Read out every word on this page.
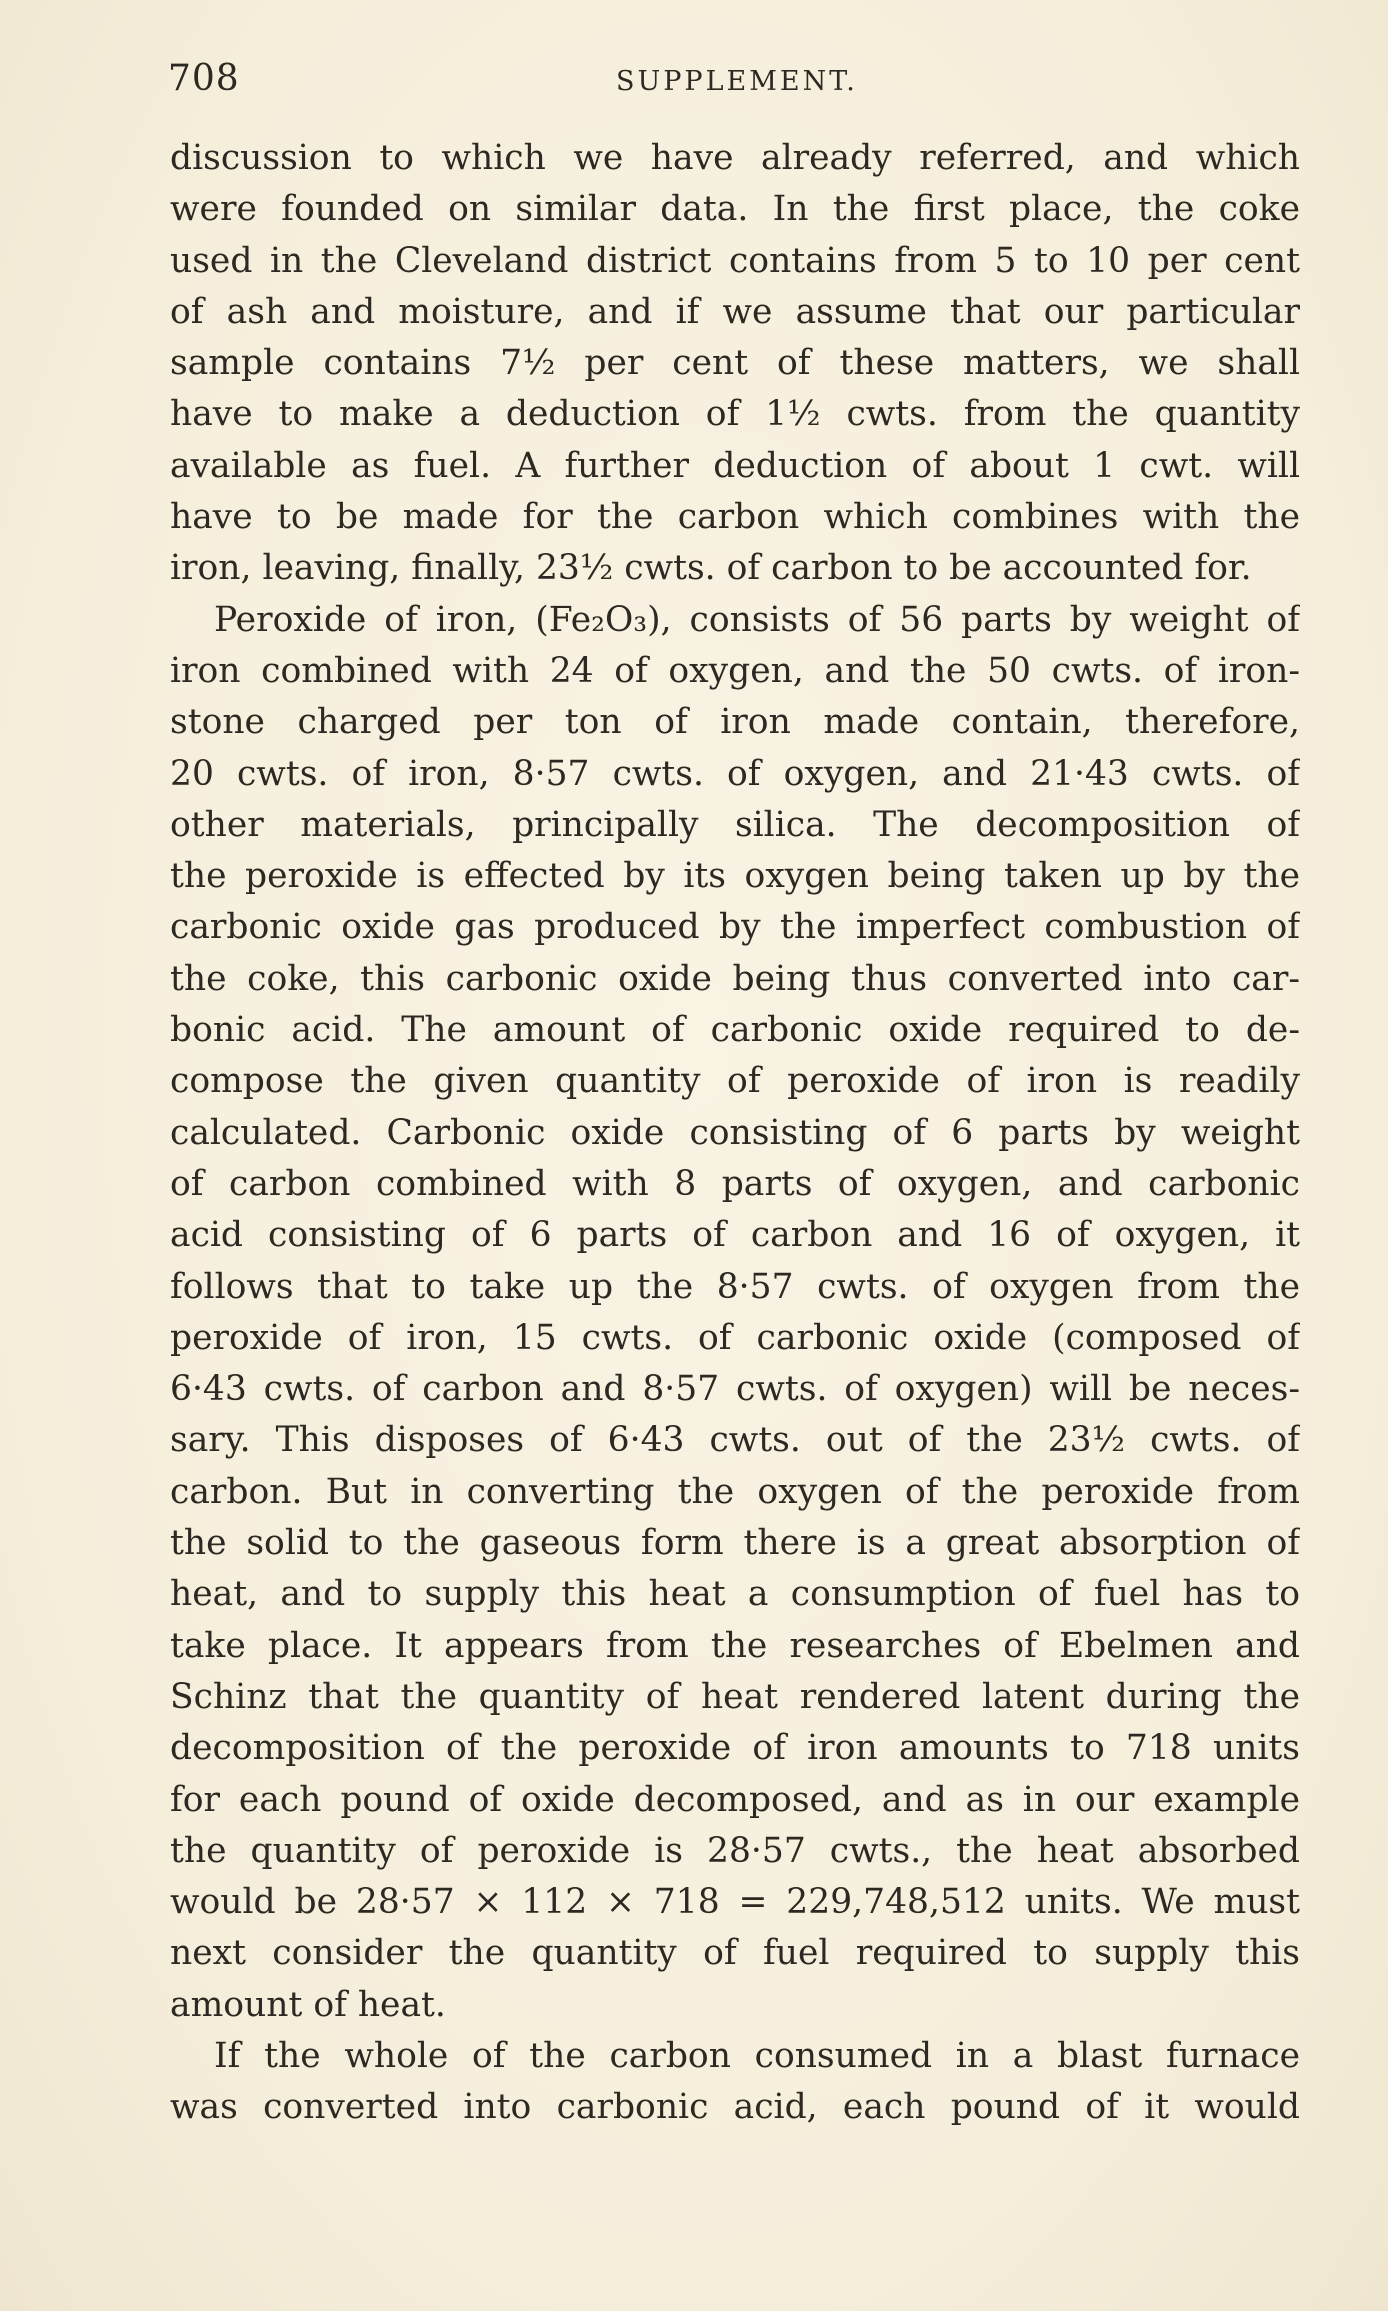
708	SUPPLEMENT.
discussion to which we have already referred, and which
were founded on similar data. In the first place, the coke
used in the Cleveland district contains from 5 to 10 per cent
of ash and moisture, and if we assume that our particular
sample contains 7½ per cent of these matters, we shall
have to make a deduction of 1½ cwts. from the quantity
available as fuel. A further deduction of about 1 cwt. will
have to be made for the carbon which combines with the
iron, leaving, finally, 23½ cwts. of carbon to be accounted for.
Peroxide of iron, (Fe₂O₃), consists of 56 parts by weight of
iron combined with 24 of oxygen, and the 50 cwts. of iron-
stone charged per ton of iron made contain, therefore,
20 cwts. of iron, 8·57 cwts. of oxygen, and 21·43 cwts. of
other materials, principally silica. The decomposition of
the peroxide is effected by its oxygen being taken up by the
carbonic oxide gas produced by the imperfect combustion of
the coke, this carbonic oxide being thus converted into car-
bonic acid. The amount of carbonic oxide required to de-
compose the given quantity of peroxide of iron is readily
calculated. Carbonic oxide consisting of 6 parts by weight
of carbon combined with 8 parts of oxygen, and carbonic
acid consisting of 6 parts of carbon and 16 of oxygen, it
follows that to take up the 8·57 cwts. of oxygen from the
peroxide of iron, 15 cwts. of carbonic oxide (composed of
6·43 cwts. of carbon and 8·57 cwts. of oxygen) will be neces-
sary. This disposes of 6·43 cwts. out of the 23½ cwts. of
carbon. But in converting the oxygen of the peroxide from
the solid to the gaseous form there is a great absorption of
heat, and to supply this heat a consumption of fuel has to
take place. It appears from the researches of Ebelmen and
Schinz that the quantity of heat rendered latent during the
decomposition of the peroxide of iron amounts to 718 units
for each pound of oxide decomposed, and as in our example
the quantity of peroxide is 28·57 cwts., the heat absorbed
would be 28·57 × 112 × 718 = 229,748,512 units. We must
next consider the quantity of fuel required to supply this
amount of heat.
If the whole of the carbon consumed in a blast furnace
was converted into carbonic acid, each pound of it would
